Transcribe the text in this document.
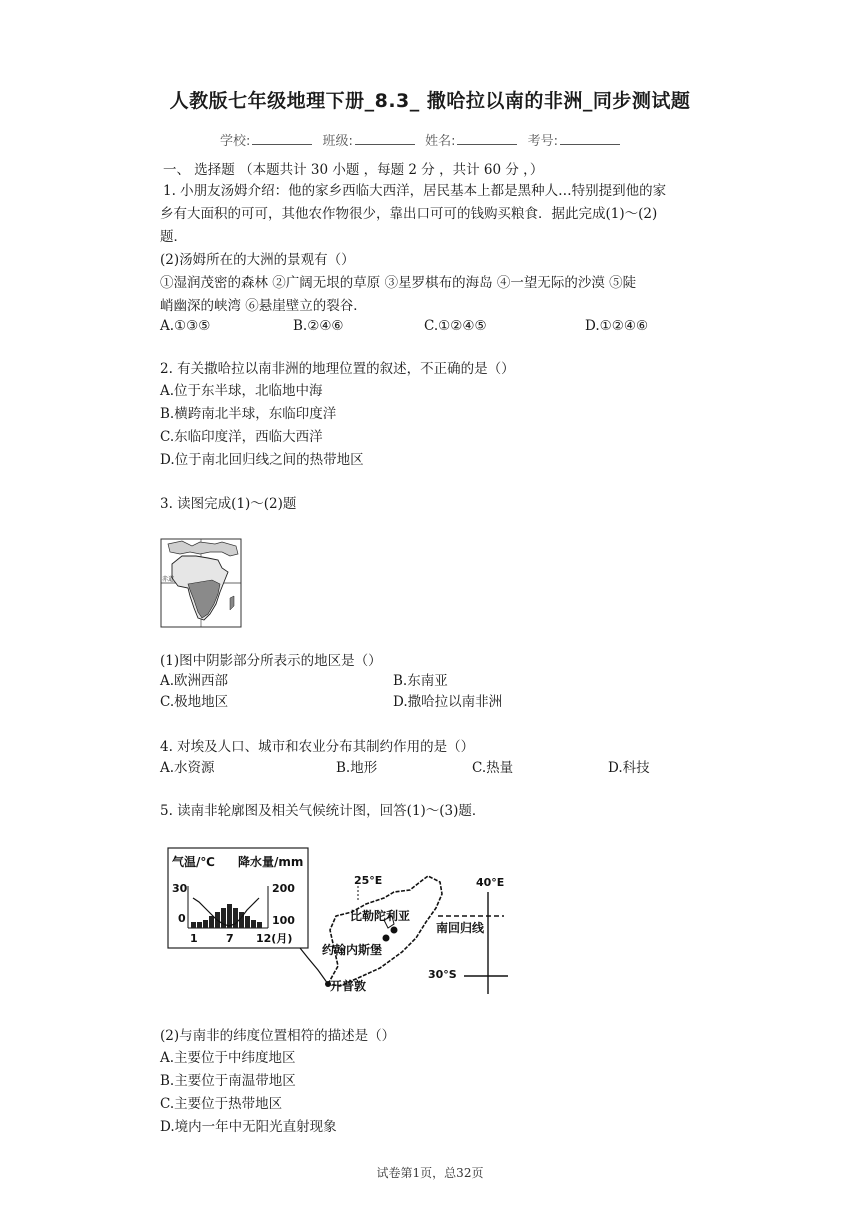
人教版七年级地理下册_8.3_ 撒哈拉以南的非洲_同步测试题
学校:	班级:	姓名:	考号:
一、 选择题 （本题共计 30 小题 ，每题 2 分 ，共计 60 分 ，）
1. 小朋友汤姆介绍：他的家乡西临大西洋，居民基本上都是黑种人…特别提到他的家
乡有大面积的可可，其他农作物很少，靠出口可可的钱购买粮食．据此完成(1)～(2)
题．
(2)汤姆所在的大洲的景观有（）
①湿润茂密的森林 ②广阔无垠的草原 ③星罗棋布的海岛 ④一望无际的沙漠 ⑤陡
峭幽深的峡湾 ⑥悬崖壁立的裂谷．
A.①③⑤	B.②④⑥	C.①②④⑤	D.①②④⑥
2. 有关撒哈拉以南非洲的地理位置的叙述，不正确的是（）
A.位于东半球，北临地中海
B.横跨南北半球，东临印度洋
C.东临印度洋，西临大西洋
D.位于南北回归线之间的热带地区
3. 读图完成(1)～(2)题
赤道
(1)图中阴影部分所表示的地区是（）
A.欧洲西部	B.东南亚
C.极地地区	D.撒哈拉以南非洲
4. 对埃及人口、城市和农业分布其制约作用的是（）
A.水资源	B.地形	C.热量	D.科技
5. 读南非轮廓图及相关气候统计图，回答(1)～(3)题．
气温/℃ 降水量/mm
30
0
200
100
1	7 12(月)
25°E	40°E
30°S
南回归线
比勒陀利亚
约翰内斯堡
开普敦
(2)与南非的纬度位置相符的描述是（）
A.主要位于中纬度地区
B.主要位于南温带地区
C.主要位于热带地区
D.境内一年中无阳光直射现象
试卷第1页，总32页
